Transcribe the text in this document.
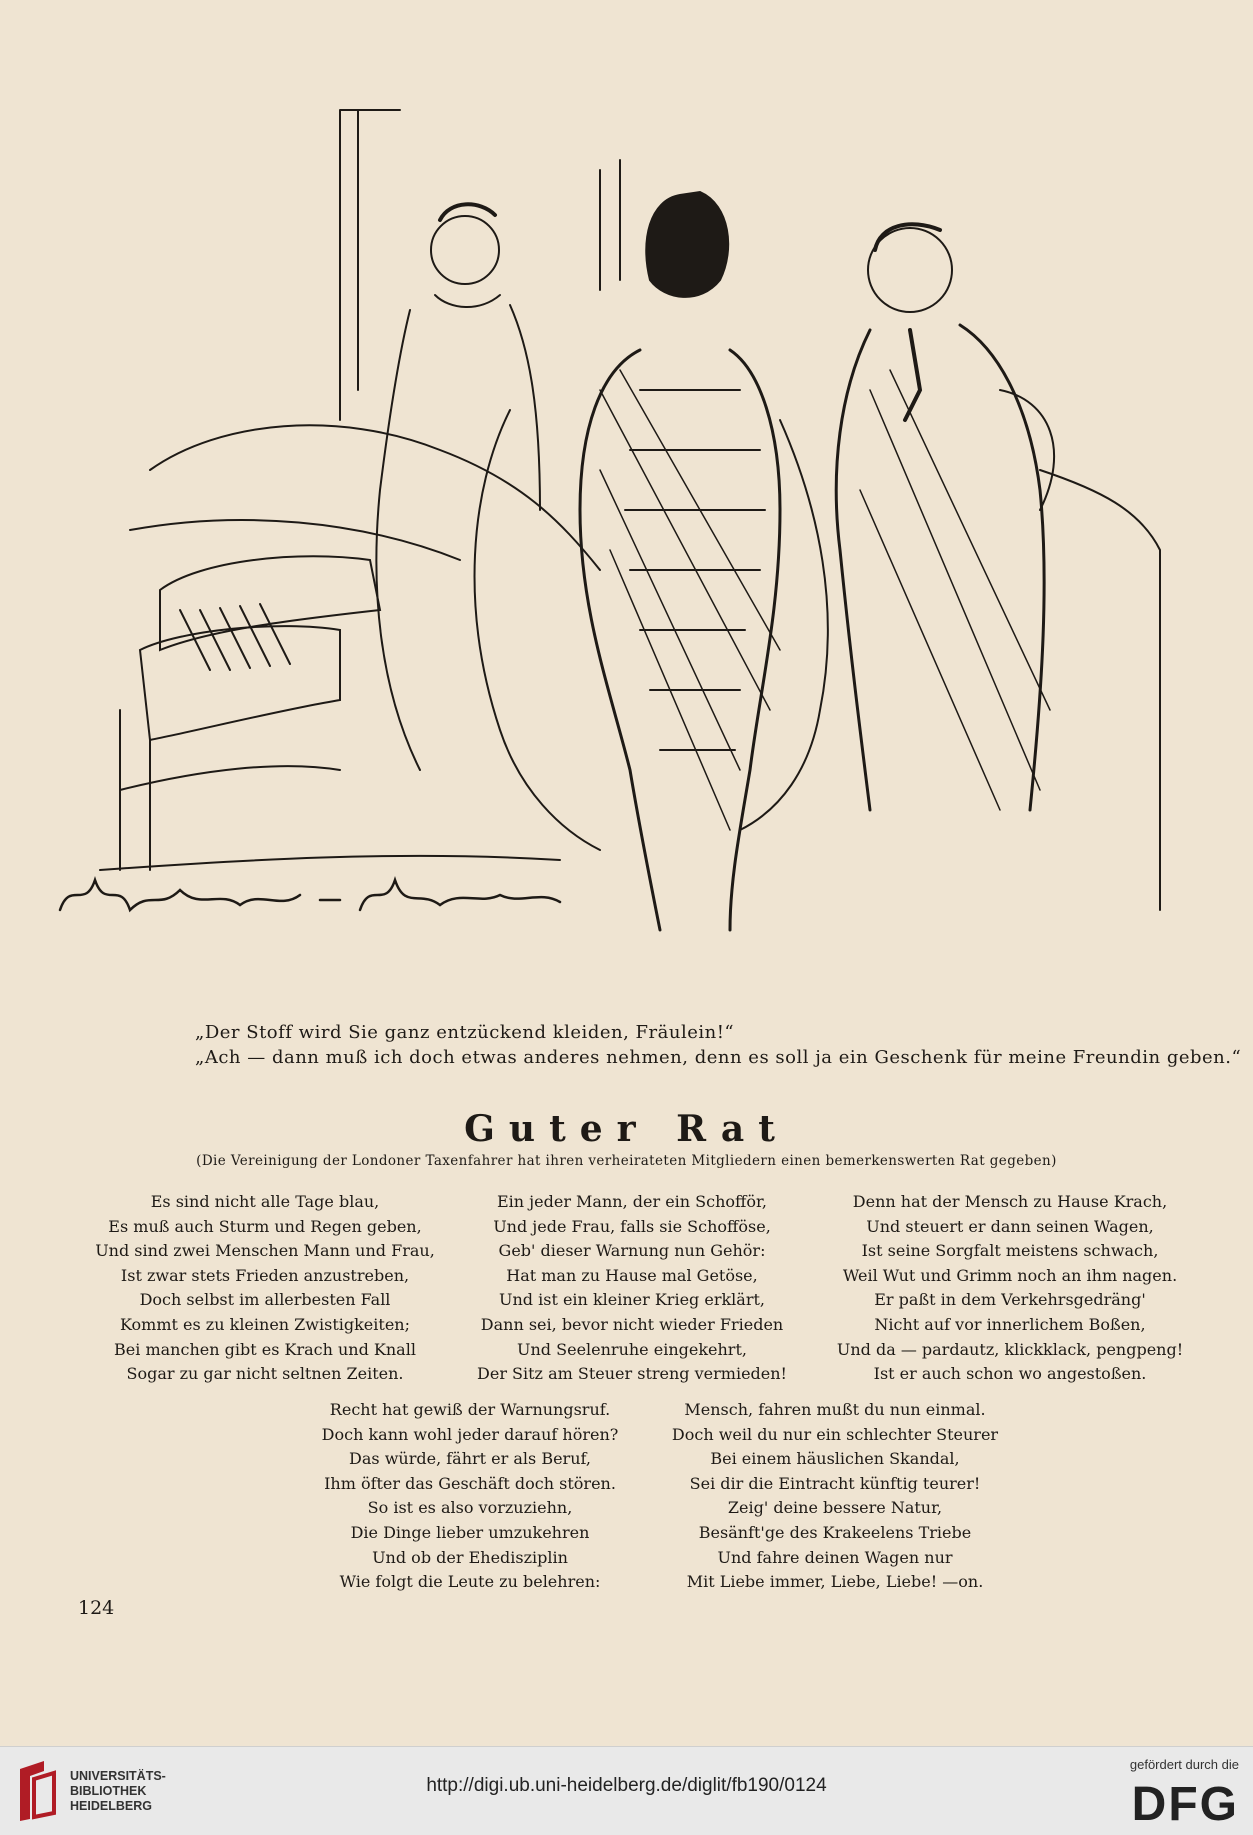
„Der Stoff wird Sie ganz entzückend kleiden, Fräulein!“
„Ach — dann muß ich doch etwas anderes nehmen, denn es soll ja ein Geschenk für meine Freundin geben.“
Guter Rat
(Die Vereinigung der Londoner Taxenfahrer hat ihren verheirateten Mitgliedern einen bemerkenswerten Rat gegeben)
Es sind nicht alle Tage blau,
Es muß auch Sturm und Regen geben,
Und sind zwei Menschen Mann und Frau,
Ist zwar stets Frieden anzustreben,
Doch selbst im allerbesten Fall
Kommt es zu kleinen Zwistigkeiten;
Bei manchen gibt es Krach und Knall
Sogar zu gar nicht seltnen Zeiten.
Ein jeder Mann, der ein Schofför,
Und jede Frau, falls sie Schofföse,
Geb' dieser Warnung nun Gehör:
Hat man zu Hause mal Getöse,
Und ist ein kleiner Krieg erklärt,
Dann sei, bevor nicht wieder Frieden
Und Seelenruhe eingekehrt,
Der Sitz am Steuer streng vermieden!
Denn hat der Mensch zu Hause Krach,
Und steuert er dann seinen Wagen,
Ist seine Sorgfalt meistens schwach,
Weil Wut und Grimm noch an ihm nagen.
Er paßt in dem Verkehrsgedräng'
Nicht auf vor innerlichem Boßen,
Und da — pardautz, klickklack, pengpeng!
Ist er auch schon wo angestoßen.
Recht hat gewiß der Warnungsruf.
Doch kann wohl jeder darauf hören?
Das würde, fährt er als Beruf,
Ihm öfter das Geschäft doch stören.
So ist es also vorzuziehn,
Die Dinge lieber umzukehren
Und ob der Ehedisziplin
Wie folgt die Leute zu belehren:
Mensch, fahren mußt du nun einmal.
Doch weil du nur ein schlechter Steurer
Bei einem häuslichen Skandal,
Sei dir die Eintracht künftig teurer!
Zeig' deine bessere Natur,
Besänft'ge des Krakeelens Triebe
Und fahre deinen Wagen nur
Mit Liebe immer, Liebe, Liebe! —on.
124
UNIVERSITÄTS-
BIBLIOTHEK
HEIDELBERG
http://digi.ub.uni-heidelberg.de/diglit/fb190/0124
gefördert durch die
DFG
